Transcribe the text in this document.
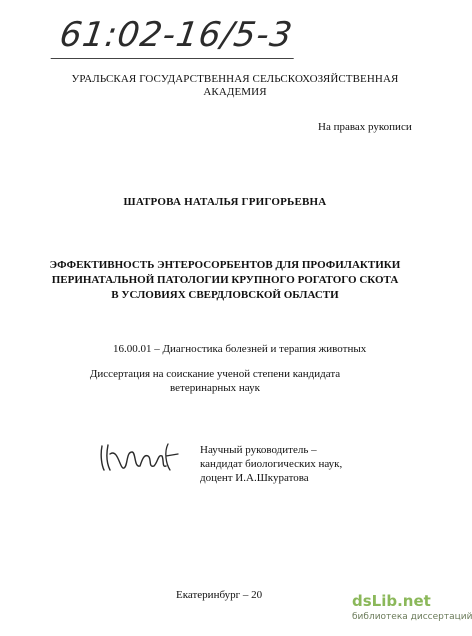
61:02-16/5-3
УРАЛЬСКАЯ ГОСУДАРСТВЕННАЯ СЕЛЬСКОХОЗЯЙСТВЕННАЯ
АКАДЕМИЯ
На правах рукописи
ШАТРОВА НАТАЛЬЯ ГРИГОРЬЕВНА
ЭФФЕКТИВНОСТЬ ЭНТЕРОСОРБЕНТОВ ДЛЯ ПРОФИЛАКТИКИ
ПЕРИНАТАЛЬНОЙ ПАТОЛОГИИ КРУПНОГО РОГАТОГО СКОТА
В УСЛОВИЯХ СВЕРДЛОВСКОЙ ОБЛАСТИ
16.00.01 – Диагностика болезней и терапия животных
Диссертация на соискание ученой степени кандидата
ветеринарных наук
Научный руководитель –
кандидат биологических наук,
доцент И.А.Шкуратова
Екатеринбург – 20	dsLib.net
библиотека диссертаций
